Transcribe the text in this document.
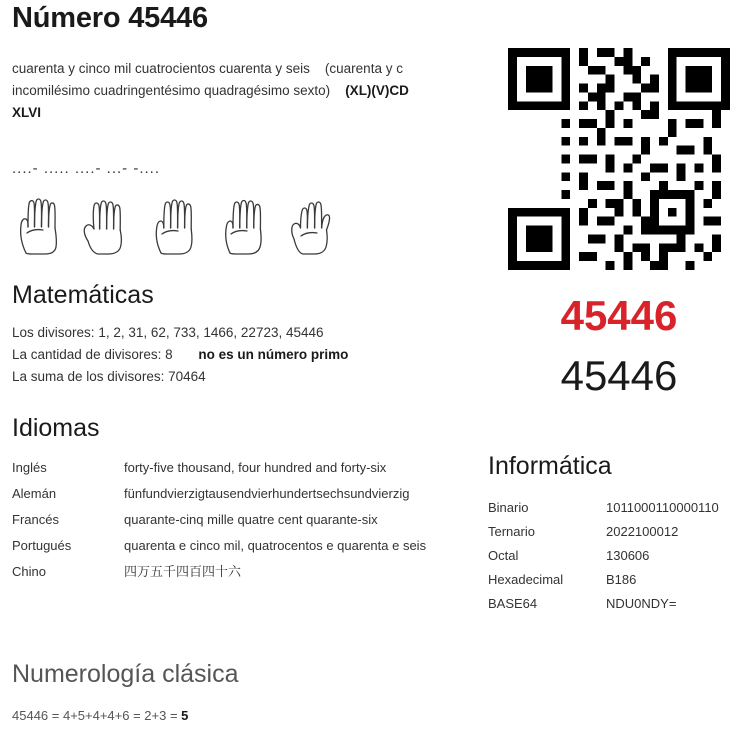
Número 45446
cuarenta y cinco mil cuatrocientos cuarenta y seis (cuarenta y c
incomilésimo cuadringentésimo quadragésimo sexto) (XL)(V)CD
XLVI
....- ..... ....- ...- -....
Matemáticas
Los divisores: 1, 2, 31, 62, 733, 1466, 22723, 45446
La cantidad de divisores: 8 no es un número primo
La suma de los divisores: 70464
Idiomas
Inglés	forty-five thousand, four hundred and forty-six
Alemán	fünfundvierzigtausendvierhundertsechsundvierzig
Francés	quarante-cinq mille quatre cent quarante-six
Portugués	quarenta e cinco mil, quatrocentos e quarenta e seis
Chino	四万五千四百四十六
Numerología clásica
45446 = 4+5+4+4+6 = 2+3 = 5
45446
45446
Informática
Binario	1011000110000110
Ternario	2022100012
Octal	130606
Hexadecimal	B186
BASE64	NDU0NDY=
